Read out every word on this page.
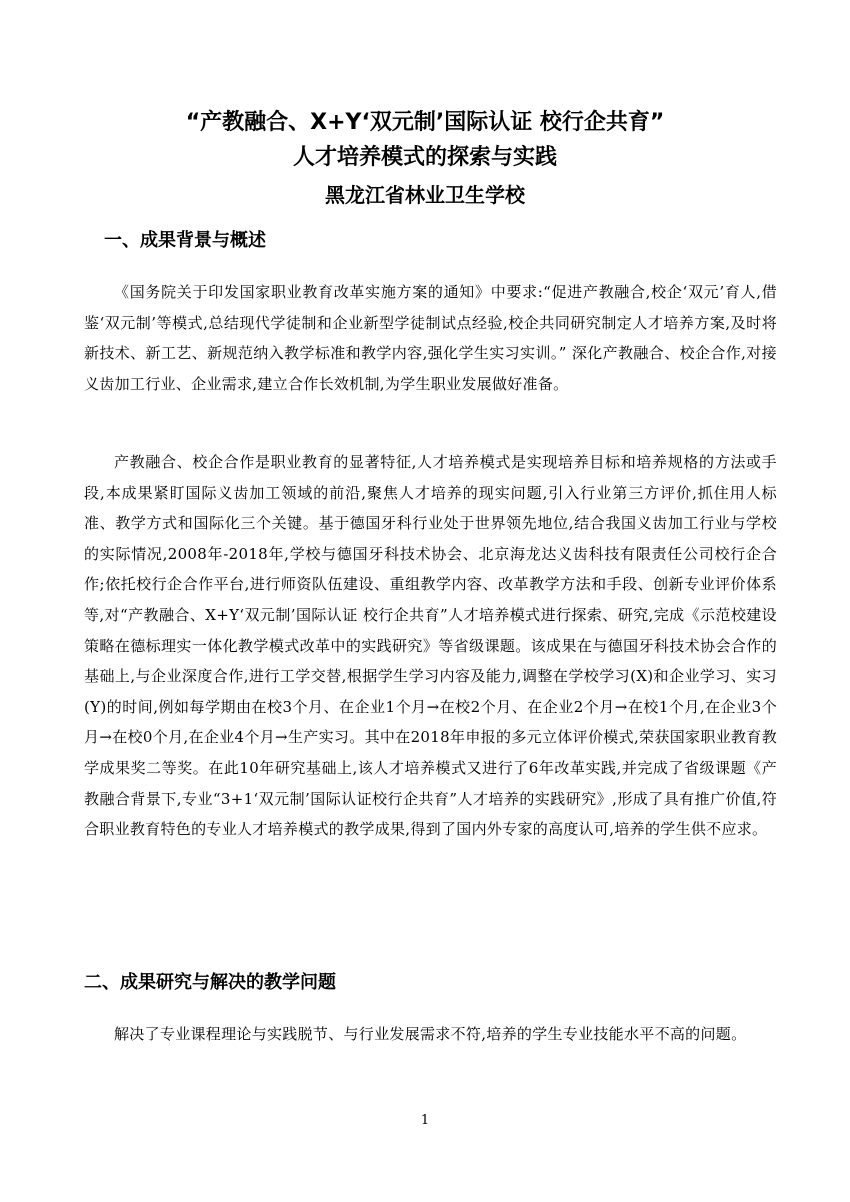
“产教融合、X+Y‘双元制’国际认证 校行企共育”
人才培养模式的探索与实践
黑龙江省林业卫生学校
一、成果背景与概述

《国务院关于印发国家职业教育改革实施方案的通知》中要求:“促进产教融合,校企‘双元’育人,借鉴‘双元制’等模式,总结现代学徒制和企业新型学徒制试点经验,校企共同研究制定人才培养方案,及时将新技术、新工艺、新规范纳入教学标准和教学内容,强化学生实习实训。” 深化产教融合、校企合作,对接义齿加工行业、企业需求,建立合作长效机制,为学生职业发展做好准备。

产教融合、校企合作是职业教育的显著特征,人才培养模式是实现培养目标和培养规格的方法或手段,本成果紧盯国际义齿加工领域的前沿,聚焦人才培养的现实问题,引入行业第三方评价,抓住用人标准、教学方式和国际化三个关键。基于德国牙科行业处于世界领先地位,结合我国义齿加工行业与学校的实际情况,2008年-2018年,学校与德国牙科技术协会、北京海龙达义齿科技有限责任公司校行企合作;依托校行企合作平台,进行师资队伍建设、重组教学内容、改革教学方法和手段、创新专业评价体系等,对“产教融合、X+Y‘双元制’国际认证 校行企共育”人才培养模式进行探索、研究,完成《示范校建设策略在德标理实一体化教学模式改革中的实践研究》等省级课题。该成果在与德国牙科技术协会合作的基础上,与企业深度合作,进行工学交替,根据学生学习内容及能力,调整在学校学习(X)和企业学习、实习(Y)的时间,例如每学期由在校3个月、在企业1个月→在校2个月、在企业2个月→在校1个月,在企业3个月→在校0个月,在企业4个月→生产实习。其中在2018年申报的多元立体评价模式,荣获国家职业教育教学成果奖二等奖。在此10年研究基础上,该人才培养模式又进行了6年改革实践,并完成了省级课题《产教融合背景下,专业“3+1‘双元制’国际认证校行企共育”人才培养的实践研究》,形成了具有推广价值,符合职业教育特色的专业人才培养模式的教学成果,得到了国内外专家的高度认可,培养的学生供不应求。

二、成果研究与解决的教学问题

解决了专业课程理论与实践脱节、与行业发展需求不符,培养的学生专业技能水平不高的问题。

1
